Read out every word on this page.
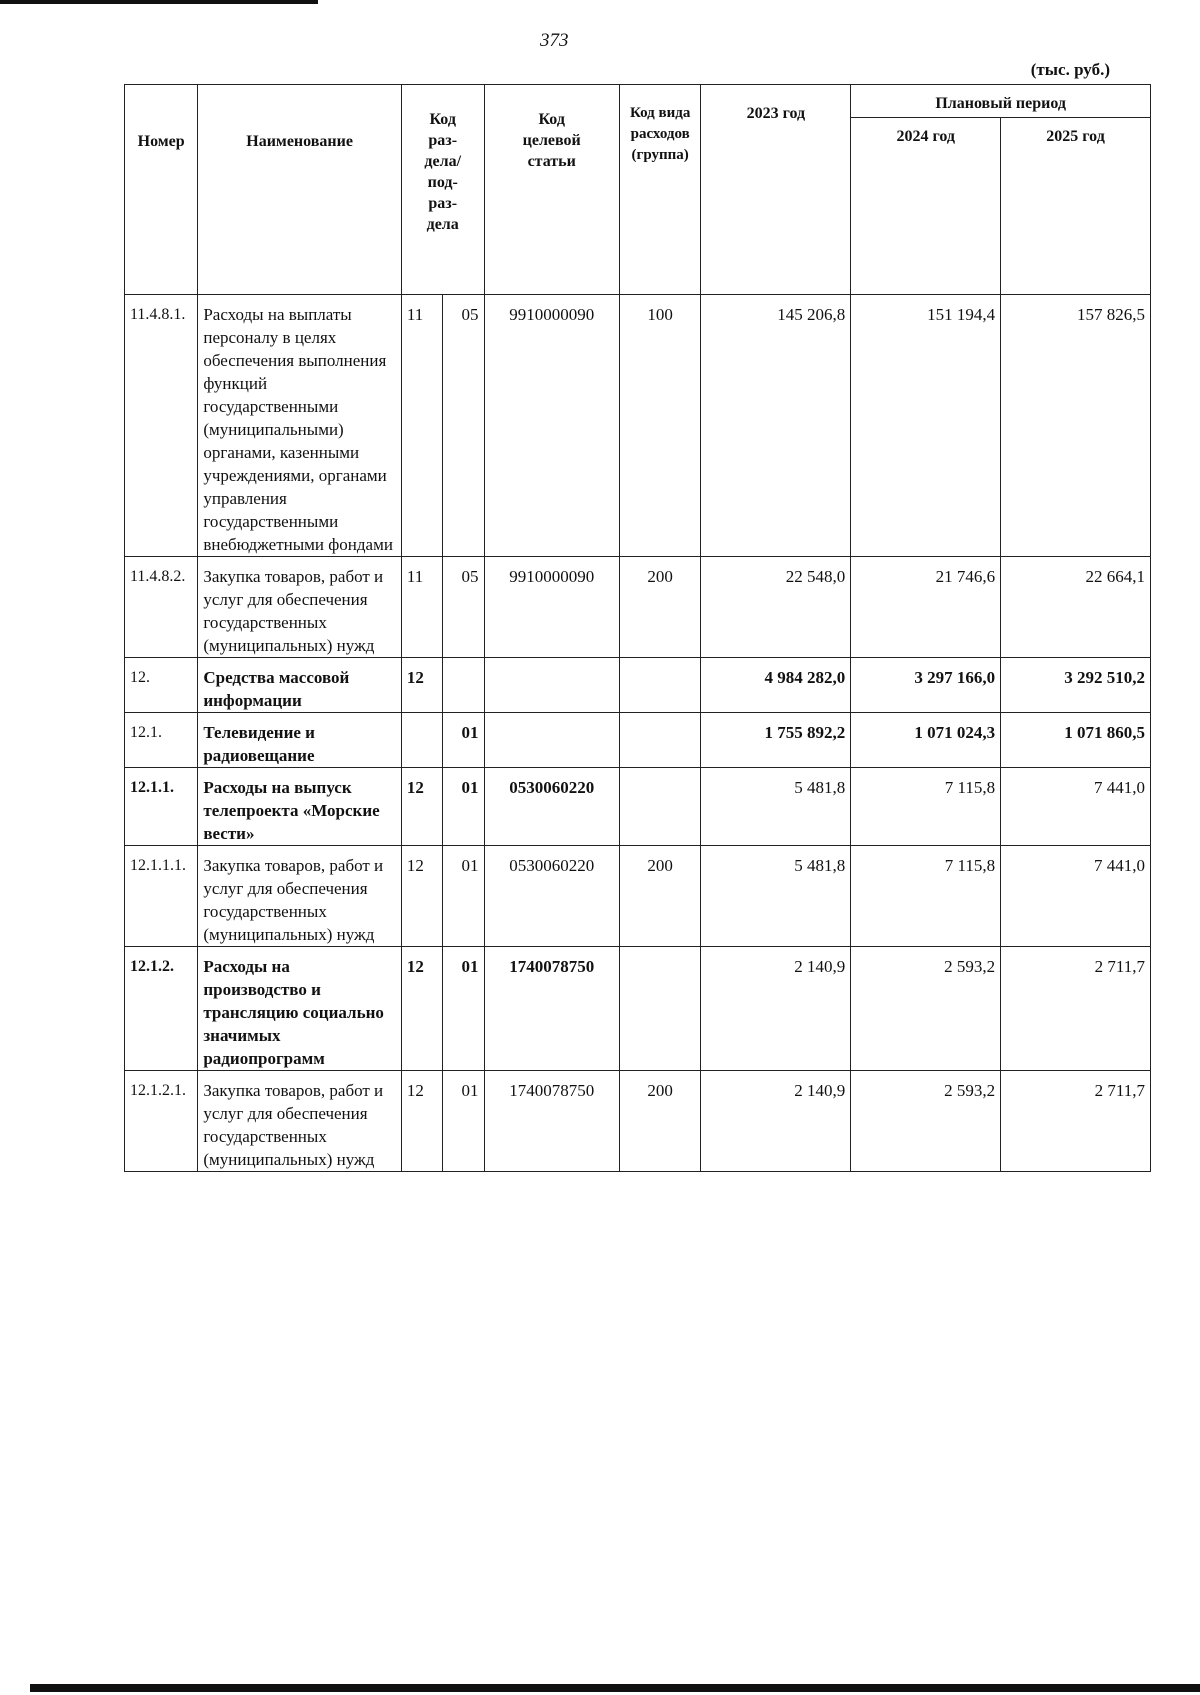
373
(тыс. руб.)
Номер	Наименование	Код раз-дела/ под-раз-дела		Код целевой статьи	Код вида расходов (группа)	2023 год	Плановый период	
							2024 год	2025 год
11.4.8.1.	Расходы на выплаты персоналу в целях обеспечения выполнения функций государственными (муниципальными) органами, казенными учреждениями, органами управления государственными внебюджетными фондами	11	05	9910000090	100	145 206,8	151 194,4	157 826,5
11.4.8.2.	Закупка товаров, работ и услуг для обеспечения государственных (муниципальных) нужд	11	05	9910000090	200	22 548,0	21 746,6	22 664,1
12.	Средства массовой информации	12				4 984 282,0	3 297 166,0	3 292 510,2
12.1.	Телевидение и радиовещание		01			1 755 892,2	1 071 024,3	1 071 860,5
12.1.1.	Расходы на выпуск телепроекта «Морские вести»	12	01	0530060220		5 481,8	7 115,8	7 441,0
12.1.1.1.	Закупка товаров, работ и услуг для обеспечения государственных (муниципальных) нужд	12	01	0530060220	200	5 481,8	7 115,8	7 441,0
12.1.2.	Расходы на производство и трансляцию социально значимых радиопрограмм	12	01	1740078750		2 140,9	2 593,2	2 711,7
12.1.2.1.	Закупка товаров, работ и услуг для обеспечения государственных (муниципальных) нужд	12	01	1740078750	200	2 140,9	2 593,2	2 711,7
